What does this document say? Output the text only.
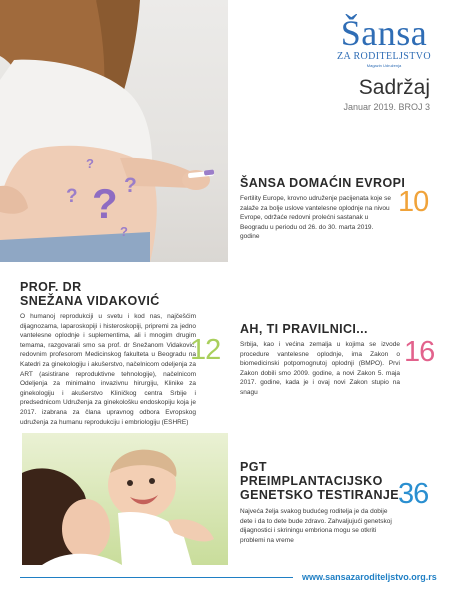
?
? ? ?
?
Šansa
ZA RODITELJSTVO
Magazin Udruženja
Sadržaj
Januar 2019. BROJ 3
ŠANSA DOMAĆIN EVROPI
Fertility Europe, krovno udruženje pacijenata koje se zalaže za bolje uslove vantelesne oplodnje na nivou Evrope, održaće redovni prolećni sastanak u Beogradu u periodu od 26. do 30. marta 2019. godine
10
PROF. DR
SNEŽANA VIDAKOVIĆ
O humanoj reprodukciji u svetu i kod nas, najčešćim dijagnozama, laparoskopiji i histeroskopiji, pripremi za jedno vantelesne oplodnje i suplementima, ali i mnogim drugim temama, razgovarali smo sa prof. dr Snežanom Vidaković, redovnim profesorom Medicinskog fakulteta u Beogradu na Katedri za ginekologiju i akušerstvo, načelnicom odeljenja za ART (asistirane reproduktivne tehnologije), načelnicom Odeljenja za minimalno invazivnu hirurgiju, Klinike za ginekologiju i akušerstvo Kliničkog centra Srbije i predsednicom Udruženja za ginekološku endoskopiju koja je 2017. izabrana za člana upravnog odbora Evropskog udruženja za humanu reprodukciju i embriologiju (ESHRE)
12
AH, TI PRAVILNICI...
Srbija, kao i većina zemalja u kojima se izvode procedure vantelesne oplodnje, ima Zakon o biomedicinski potpomognutoj oplodnji (BMPO). Prvi Zakon dobili smo 2009. godine, a novi Zakon 5. maja 2017. godine, kada je i ovaj novi Zakon stupio na snagu
16
PGT
PREIMPLANTACIJSKO
GENETSKO TESTIRANJE
Najveća želja svakog budućeg roditelja je da dobije dete i da to dete bude zdravo. Zahvaljujući genetskoj dijagnostici i skriningu embriona mogu se otkriti problemi na vreme
36
www.sansazaroditeljstvo.org.rs
